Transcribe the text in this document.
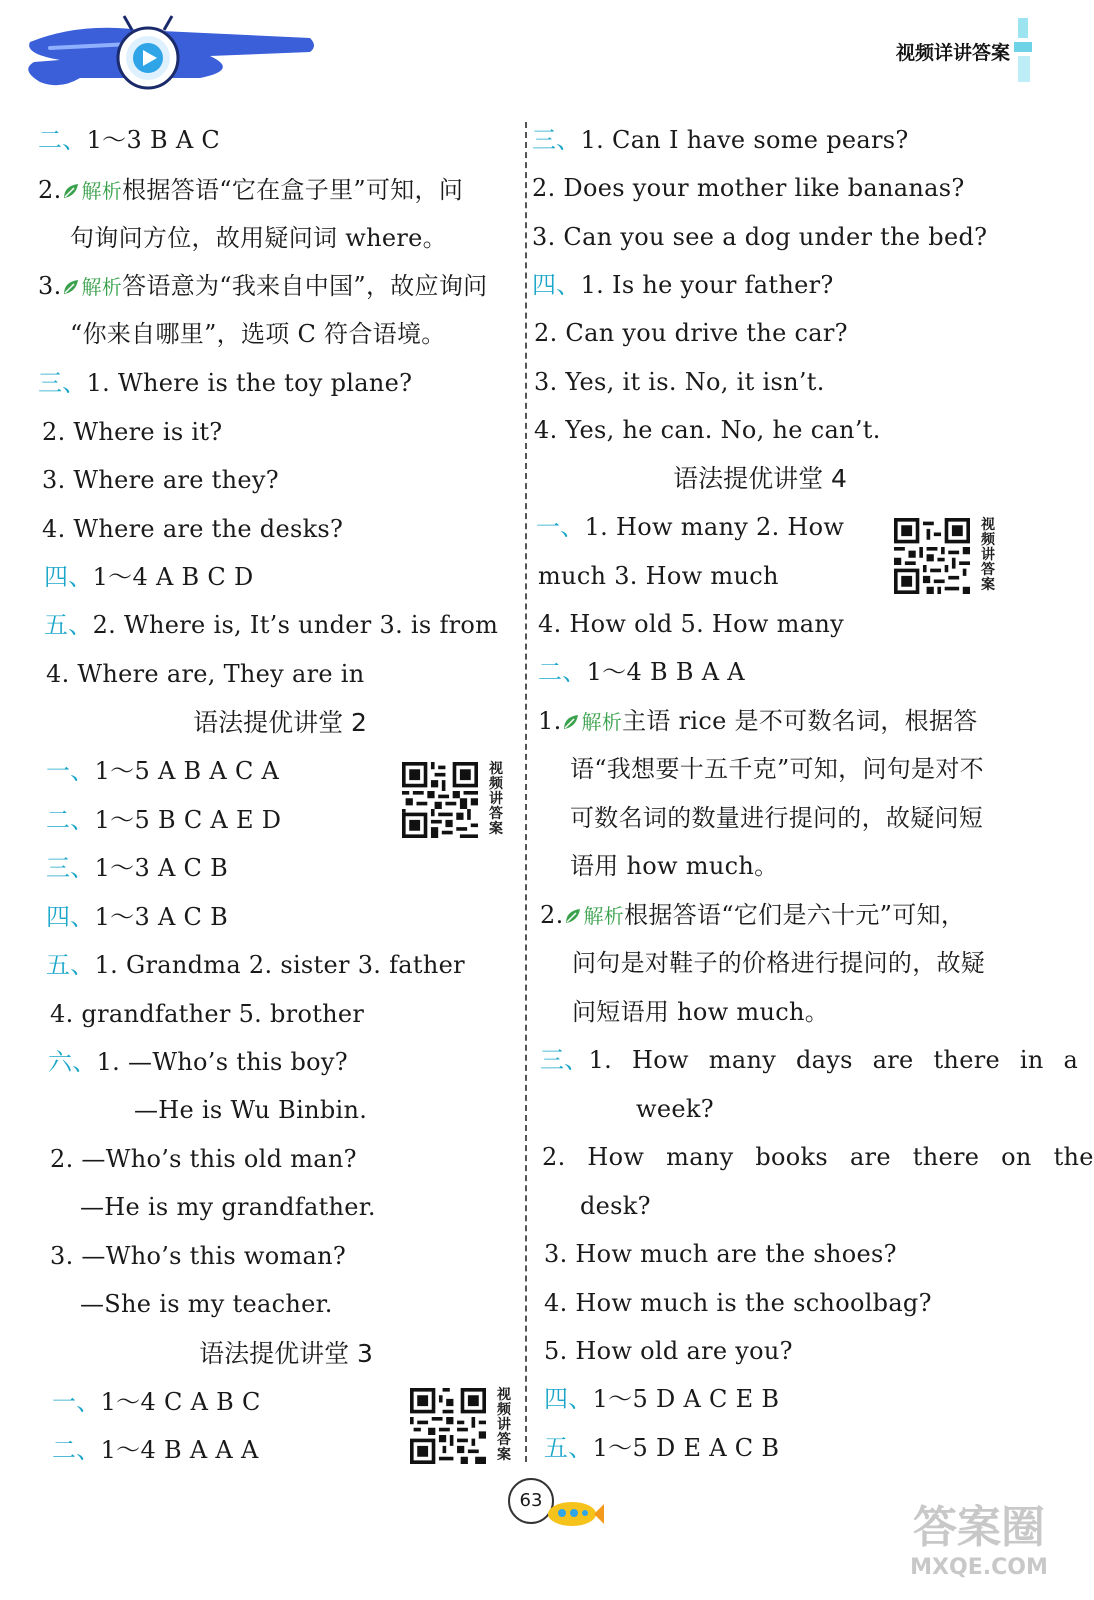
视频详讲答案
二、1～3 B A C
2. 解析根据答语“它在盒子里”可知，问
句询问方位，故用疑问词 where。
3. 解析答语意为“我来自中国”，故应询问
“你来自哪里”，选项 C 符合语境。
三、1. Where is the toy plane?
2. Where is it?
3. Where are they?
4. Where are the desks?
四、1～4 A B C D
五、2. Where is, It’s under 3. is from
4. Where are, They are in
语法提优讲堂 2
一、1～5 A B A C A
二、1～5 B C A E D
三、1～3 A C B
四、1～3 A C B
五、1. Grandma 2. sister 3. father
4. grandfather 5. brother
六、1. —Who’s this boy?
—He is Wu Binbin.
2. —Who’s this old man?
—He is my grandfather.
3. —Who’s this woman?
—She is my teacher.
语法提优讲堂 3
一、1～4 C A B C
二、1～4 B A A A
三、1. Can I have some pears?
2. Does your mother like bananas?
3. Can you see a dog under the bed?
四、1. Is he your father?
2. Can you drive the car?
3. Yes, it is. No, it isn’t.
4. Yes, he can. No, he can’t.
语法提优讲堂 4
一、1. How many 2. How
much 3. How much
4. How old 5. How many
二、1～4 B B A A
1. 解析主语 rice 是不可数名词，根据答
语“我想要十五千克”可知，问句是对不
可数名词的数量进行提问的，故疑问短
语用 how much。
2. 解析根据答语“它们是六十元”可知，
问句是对鞋子的价格进行提问的，故疑
问短语用 how much。
三、1. How many days are there in a
week?
2. How many books are there on the
desk?
3. How much are the shoes?
4. How much is the schoolbag?
5. How old are you?
四、1～5 D A C E B
五、1～5 D E A C B
视频讲答案
视频讲答案
视频讲答案
63
答案圈
MXQE.COM
